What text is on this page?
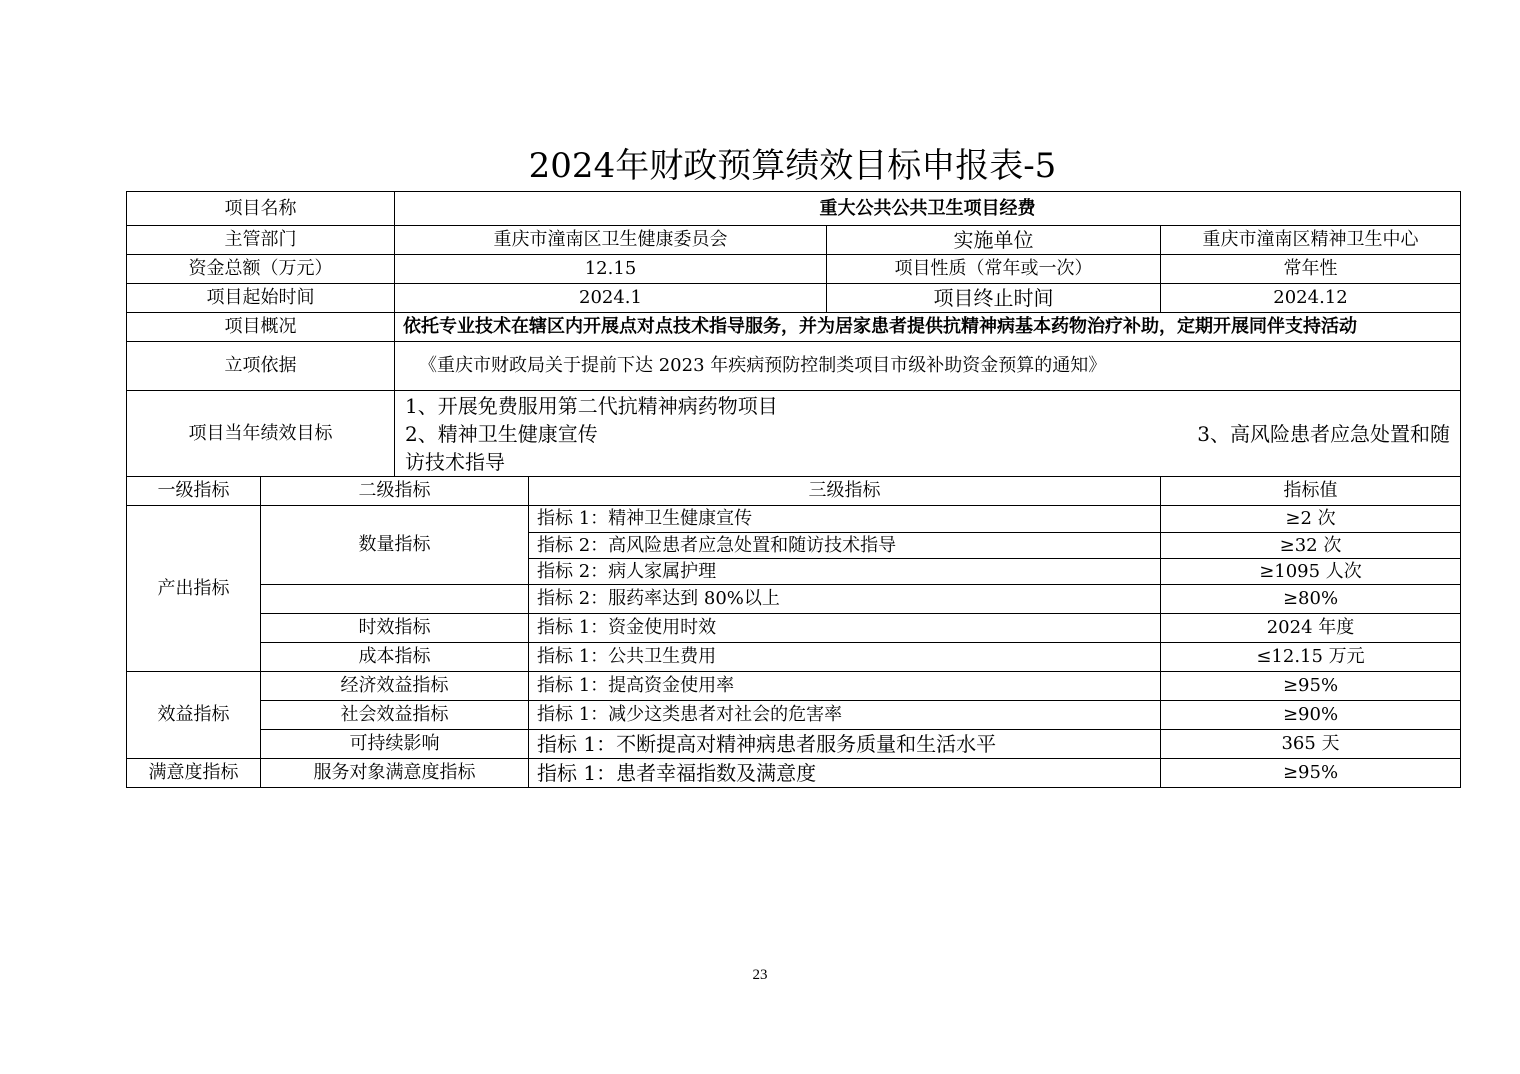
2024年财政预算绩效目标申报表-5
项目名称		重大公共公共卫生项目经费			
主管部门		重庆市潼南区卫生健康委员会		实施单位	重庆市潼南区精神卫生中心
资金总额（万元）		12.15		项目性质（常年或一次）	常年性
项目起始时间		2024.1		项目终止时间	2024.12
项目概况		依托专业技术在辖区内开展点对点技术指导服务，并为居家患者提供抗精神病基本药物治疗补助，定期开展同伴支持活动			
立项依据		《重庆市财政局关于提前下达 2023 年疾病预防控制类项目市级补助资金预算的通知》			
项目当年绩效目标		1、开展免费服用第二代抗精神病药物项目
2、精神卫生健康宣传 3、高风险患者应急处置和随
访技术指导			

一级指标	二级指标		三级指标		指标值
产出指标	数量指标		指标 1：精神卫生健康宣传		≥2 次
			指标 2：高风险患者应急处置和随访技术指导		≥32 次
			指标 2：病人家属护理		≥1095 人次
			指标 2：服药率达到 80%以上		≥80%
	时效指标		指标 1：资金使用时效		2024 年度
	成本指标		指标 1：公共卫生费用		≤12.15 万元
效益指标	经济效益指标		指标 1：提高资金使用率		≥95%
	社会效益指标		指标 1：减少这类患者对社会的危害率		≥90%
	可持续影响		指标 1：不断提高对精神病患者服务质量和生活水平		365 天
满意度指标	服务对象满意度指标		指标 1：患者幸福指数及满意度		≥95%
23
